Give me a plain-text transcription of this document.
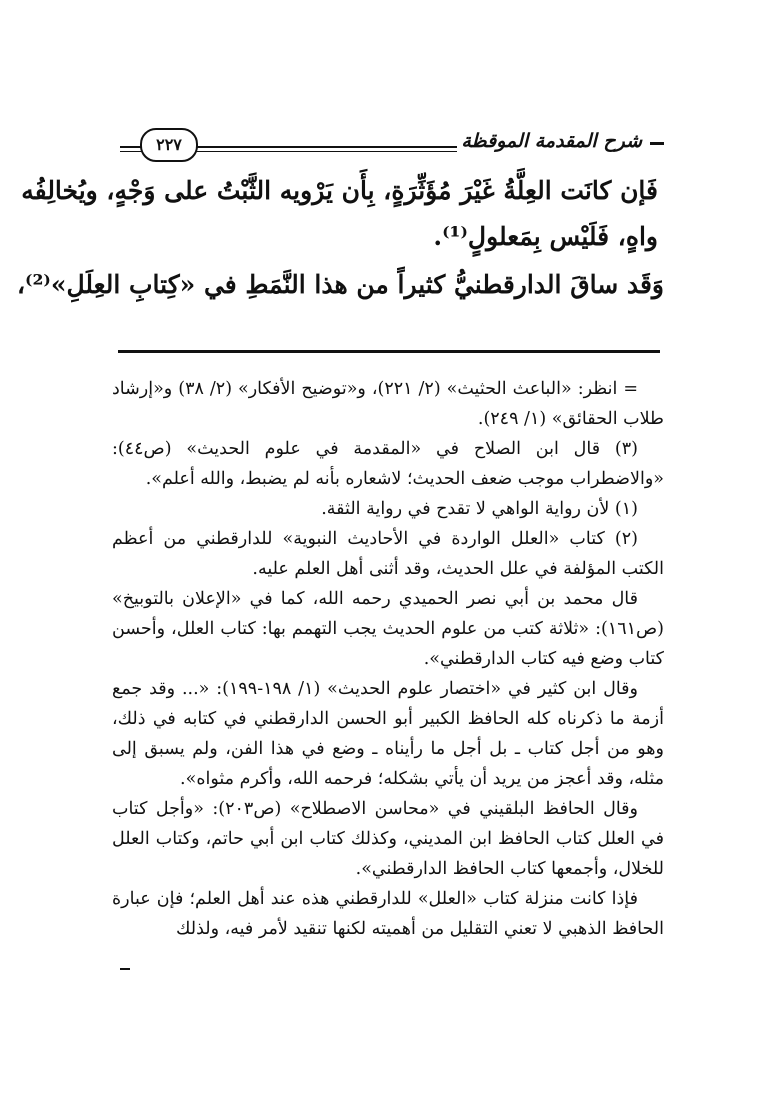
٢٢٧	شرح المقدمة الموقظة
فَإن كانَت العِلَّةُ غَيْرَ مُؤَثِّرَةٍ، بِأَن يَرْويه الثَّبْتُ على وَجْهٍ، ويُخالِفُه
واهٍ، فَلَيْس بِمَعلولٍ⁽¹⁾.
وَقَد ساقَ الدارقطنيُّ كثيراً من هذا النَّمَطِ في «كِتابِ العِلَلِ»⁽²⁾،

= انظر: «الباعث الحثيث» (٢/ ٢٢١)، و«توضيح الأفكار» (٢/ ٣٨) و«إرشاد طلاب الحقائق» (١/ ٢٤٩).

(٣) قال ابن الصلاح في «المقدمة في علوم الحديث» (ص٤٤): «والاضطراب موجب ضعف الحديث؛ لاشعاره بأنه لم يضبط، والله أعلم».

(١) لأن رواية الواهي لا تقدح في رواية الثقة.

(٢) كتاب «العلل الواردة في الأحاديث النبوية» للدارقطني من أعظم الكتب المؤلفة في علل الحديث، وقد أثنى أهل العلم عليه.

قال محمد بن أبي نصر الحميدي رحمه الله، كما في «الإعلان بالتوبيخ» (ص١٦١): «ثلاثة كتب من علوم الحديث يجب التهمم بها: كتاب العلل، وأحسن كتاب وضع فيه كتاب الدارقطني».

وقال ابن كثير في «اختصار علوم الحديث» (١/ ١٩٨-١٩٩): «... وقد جمع أزمة ما ذكرناه كله الحافظ الكبير أبو الحسن الدارقطني في كتابه في ذلك، وهو من أجل كتاب ـ بل أجل ما رأيناه ـ وضع في هذا الفن، ولم يسبق إلى مثله، وقد أعجز من يريد أن يأتي بشكله؛ فرحمه الله، وأكرم مثواه».

وقال الحافظ البلقيني في «محاسن الاصطلاح» (ص٢٠٣): «وأجل كتاب في العلل كتاب الحافظ ابن المديني، وكذلك كتاب ابن أبي حاتم، وكتاب العلل للخلال، وأجمعها كتاب الحافظ الدارقطني».

فإذا كانت منزلة كتاب «العلل» للدارقطني هذه عند أهل العلم؛ فإن عبارة الحافظ الذهبي لا تعني التقليل من أهميته لكنها تنقيد لأمر فيه، ولذلك
